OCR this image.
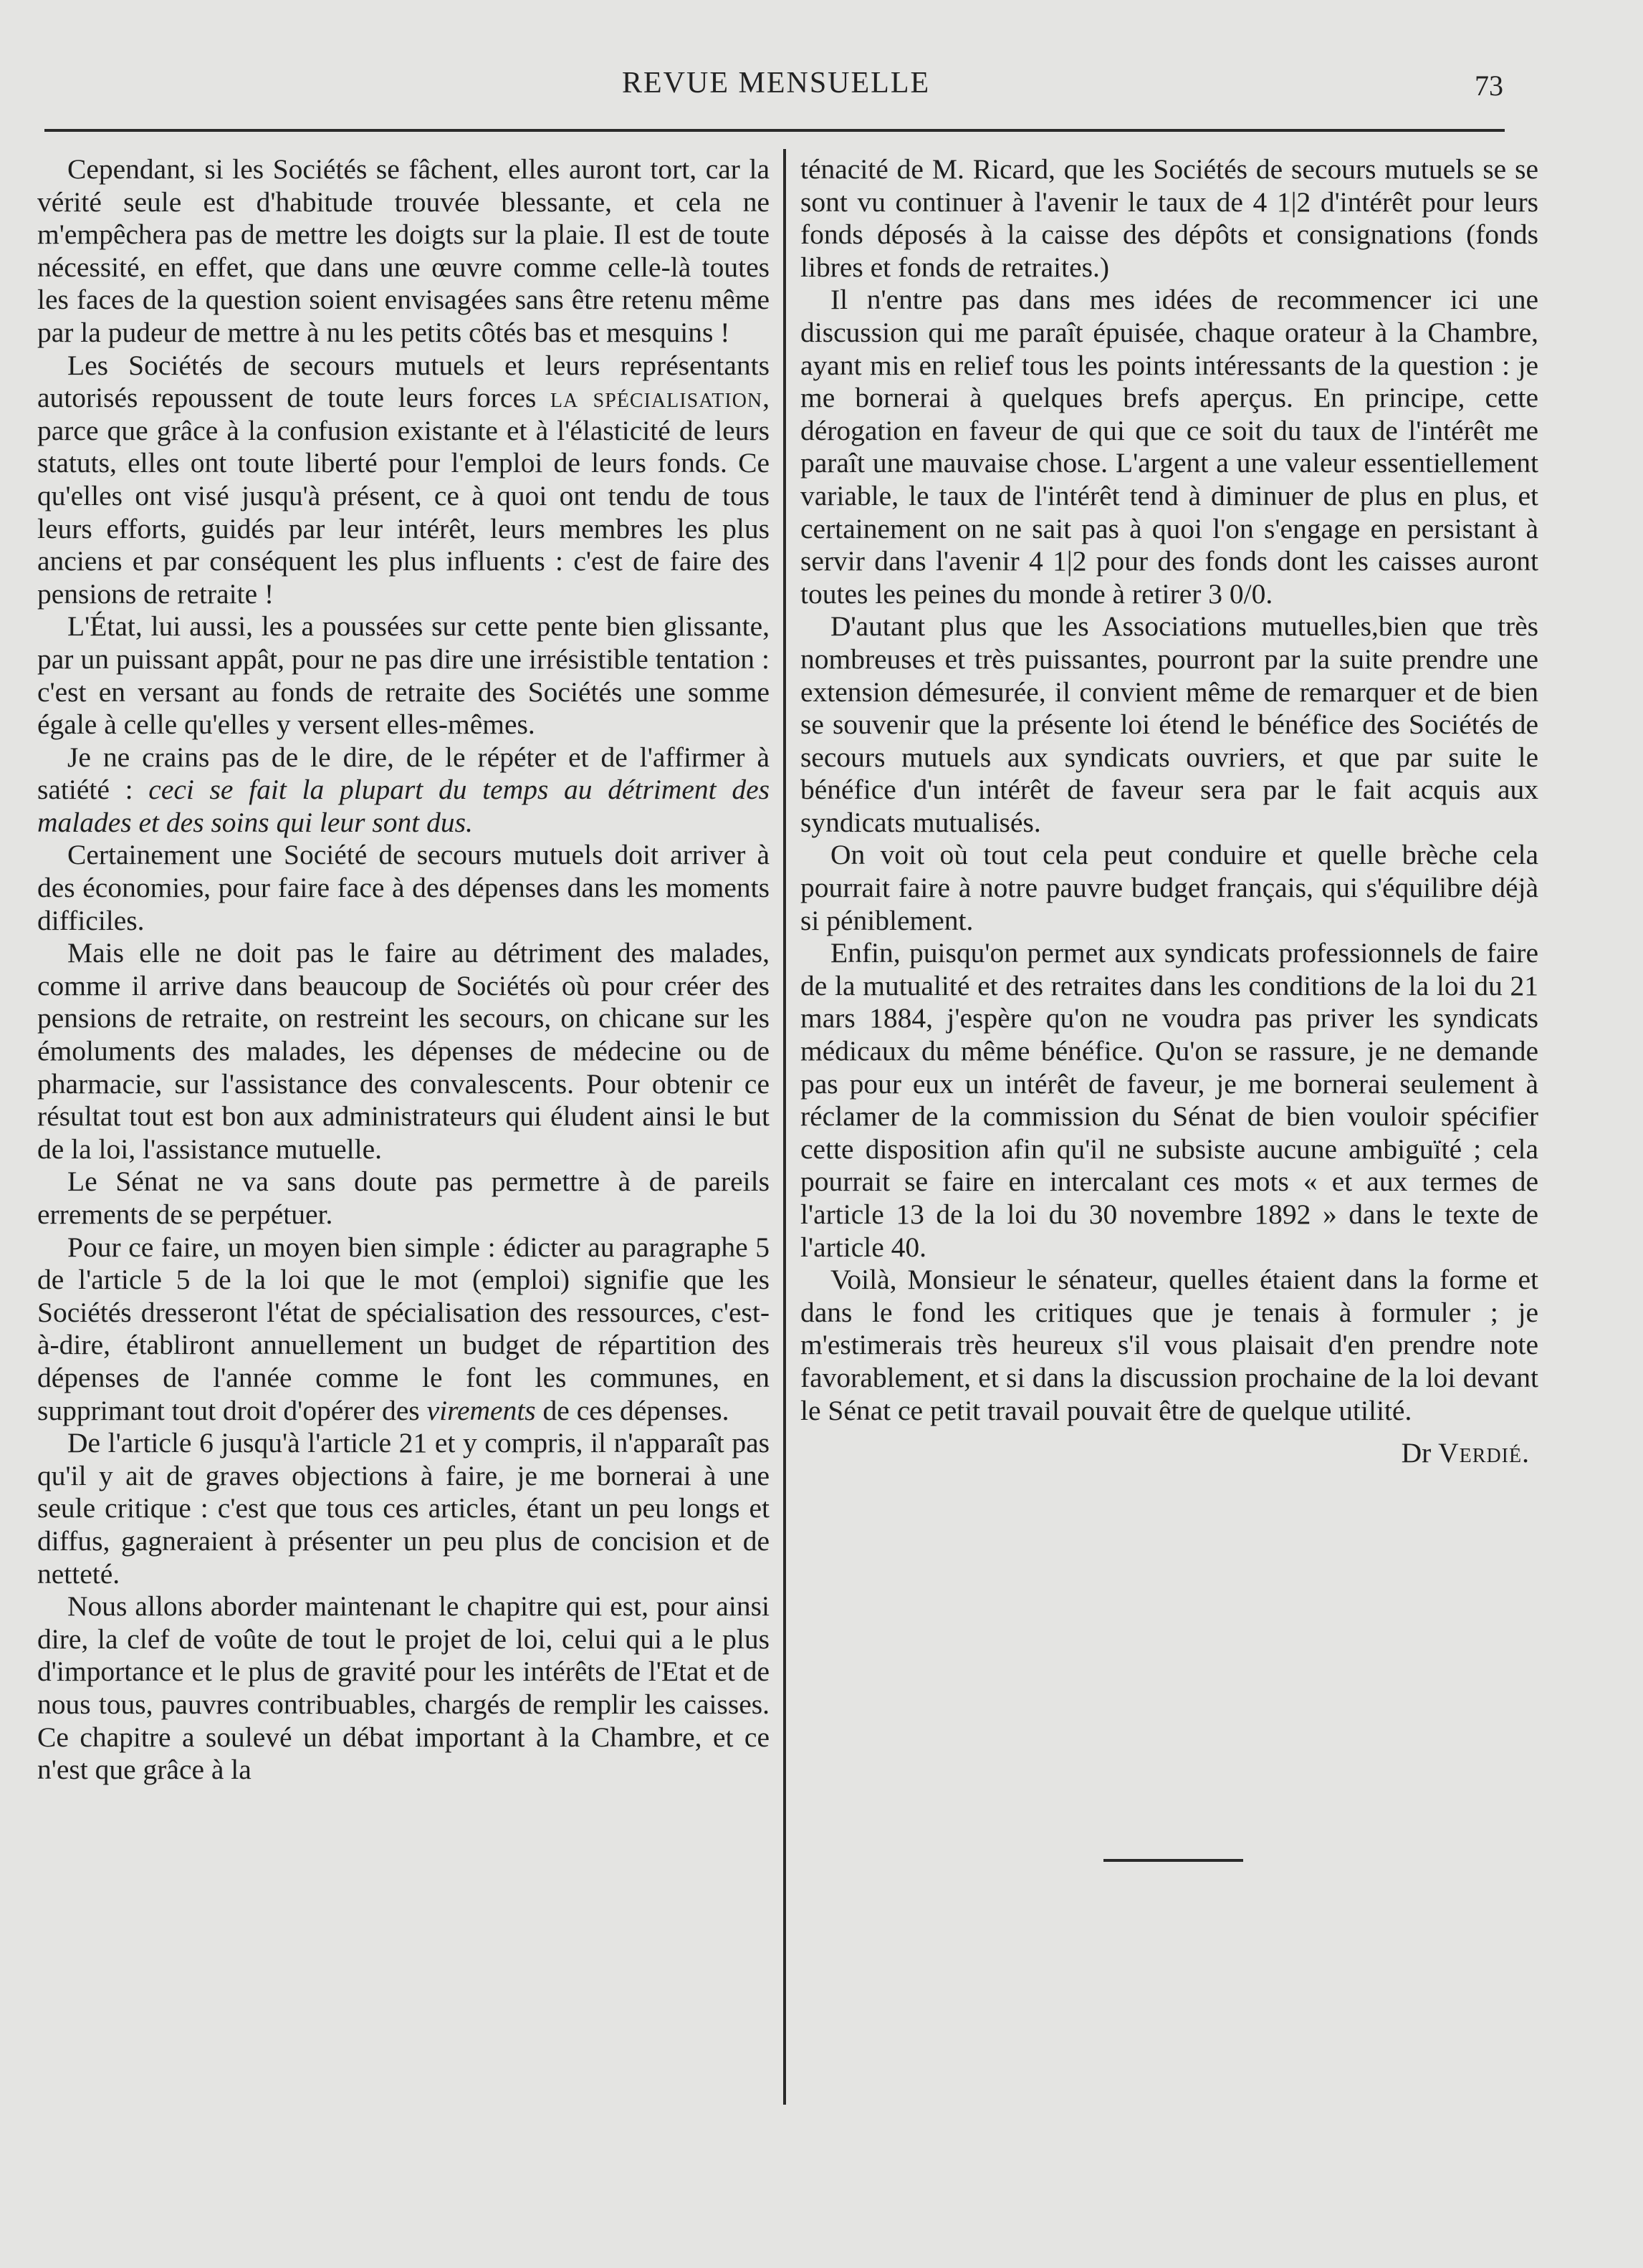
REVUE MENSUELLE	73

Cependant, si les Sociétés se fâchent, elles auront tort, car la vérité seule est d'habitude trouvée blessante, et cela ne m'empêchera pas de mettre les doigts sur la plaie. Il est de toute nécessité, en effet, que dans une œuvre comme celle-là toutes les faces de la question soient envisagées sans être retenu même par la pudeur de mettre à nu les petits côtés bas et mesquins !

Les Sociétés de secours mutuels et leurs représentants autorisés repoussent de toute leurs forces la spécialisation, parce que grâce à la confusion existante et à l'élasticité de leurs statuts, elles ont toute liberté pour l'emploi de leurs fonds. Ce qu'elles ont visé jusqu'à présent, ce à quoi ont tendu de tous leurs efforts, guidés par leur intérêt, leurs membres les plus anciens et par conséquent les plus influents : c'est de faire des pensions de retraite !

L'État, lui aussi, les a poussées sur cette pente bien glissante, par un puissant appât, pour ne pas dire une irrésistible tentation : c'est en versant au fonds de retraite des Sociétés une somme égale à celle qu'elles y versent elles-mêmes.

Je ne crains pas de le dire, de le répéter et de l'affirmer à satiété : ceci se fait la plupart du temps au détriment des malades et des soins qui leur sont dus.

Certainement une Société de secours mutuels doit arriver à des économies, pour faire face à des dépenses dans les moments difficiles.

Mais elle ne doit pas le faire au détriment des malades, comme il arrive dans beaucoup de Sociétés où pour créer des pensions de retraite, on restreint les secours, on chicane sur les émoluments des malades, les dépenses de médecine ou de pharmacie, sur l'assistance des convalescents. Pour obtenir ce résultat tout est bon aux administrateurs qui éludent ainsi le but de la loi, l'assistance mutuelle.

Le Sénat ne va sans doute pas permettre à de pareils errements de se perpétuer.

Pour ce faire, un moyen bien simple : édicter au paragraphe 5 de l'article 5 de la loi que le mot (emploi) signifie que les Sociétés dresseront l'état de spécialisation des ressources, c'est-à-dire, établiront annuellement un budget de répartition des dépenses de l'année comme le font les communes, en supprimant tout droit d'opérer des virements de ces dépenses.

De l'article 6 jusqu'à l'article 21 et y compris, il n'apparaît pas qu'il y ait de graves objections à faire, je me bornerai à une seule critique : c'est que tous ces articles, étant un peu longs et diffus, gagneraient à présenter un peu plus de concision et de netteté.

Nous allons aborder maintenant le chapitre qui est, pour ainsi dire, la clef de voûte de tout le projet de loi, celui qui a le plus d'importance et le plus de gravité pour les intérêts de l'Etat et de nous tous, pauvres contribuables, chargés de remplir les caisses. Ce chapitre a soulevé un débat important à la Chambre, et ce n'est que grâce à la

ténacité de M. Ricard, que les Sociétés de secours mutuels se se sont vu continuer à l'avenir le taux de 4 1|2 d'intérêt pour leurs fonds déposés à la caisse des dépôts et consignations (fonds libres et fonds de retraites.)

Il n'entre pas dans mes idées de recommencer ici une discussion qui me paraît épuisée, chaque orateur à la Chambre, ayant mis en relief tous les points intéressants de la question : je me bornerai à quelques brefs aperçus. En principe, cette dérogation en faveur de qui que ce soit du taux de l'intérêt me paraît une mauvaise chose. L'argent a une valeur essentiellement variable, le taux de l'intérêt tend à diminuer de plus en plus, et certainement on ne sait pas à quoi l'on s'engage en persistant à servir dans l'avenir 4 1|2 pour des fonds dont les caisses auront toutes les peines du monde à retirer 3 0/0.

D'autant plus que les Associations mutuelles,bien que très nombreuses et très puissantes, pourront par la suite prendre une extension démesurée, il convient même de remarquer et de bien se souvenir que la présente loi étend le bénéfice des Sociétés de secours mutuels aux syndicats ouvriers, et que par suite le bénéfice d'un intérêt de faveur sera par le fait acquis aux syndicats mutualisés.

On voit où tout cela peut conduire et quelle brèche cela pourrait faire à notre pauvre budget français, qui s'équilibre déjà si péniblement.

Enfin, puisqu'on permet aux syndicats professionnels de faire de la mutualité et des retraites dans les conditions de la loi du 21 mars 1884, j'espère qu'on ne voudra pas priver les syndicats médicaux du même bénéfice. Qu'on se rassure, je ne demande pas pour eux un intérêt de faveur, je me bornerai seulement à réclamer de la commission du Sénat de bien vouloir spécifier cette disposition afin qu'il ne subsiste aucune ambiguïté ; cela pourrait se faire en intercalant ces mots « et aux termes de l'article 13 de la loi du 30 novembre 1892 » dans le texte de l'article 40.

Voilà, Monsieur le sénateur, quelles étaient dans la forme et dans le fond les critiques que je tenais à formuler ; je m'estimerais très heureux s'il vous plaisait d'en prendre note favorablement, et si dans la discussion prochaine de la loi devant le Sénat ce petit travail pouvait être de quelque utilité.

Dr Verdié.
